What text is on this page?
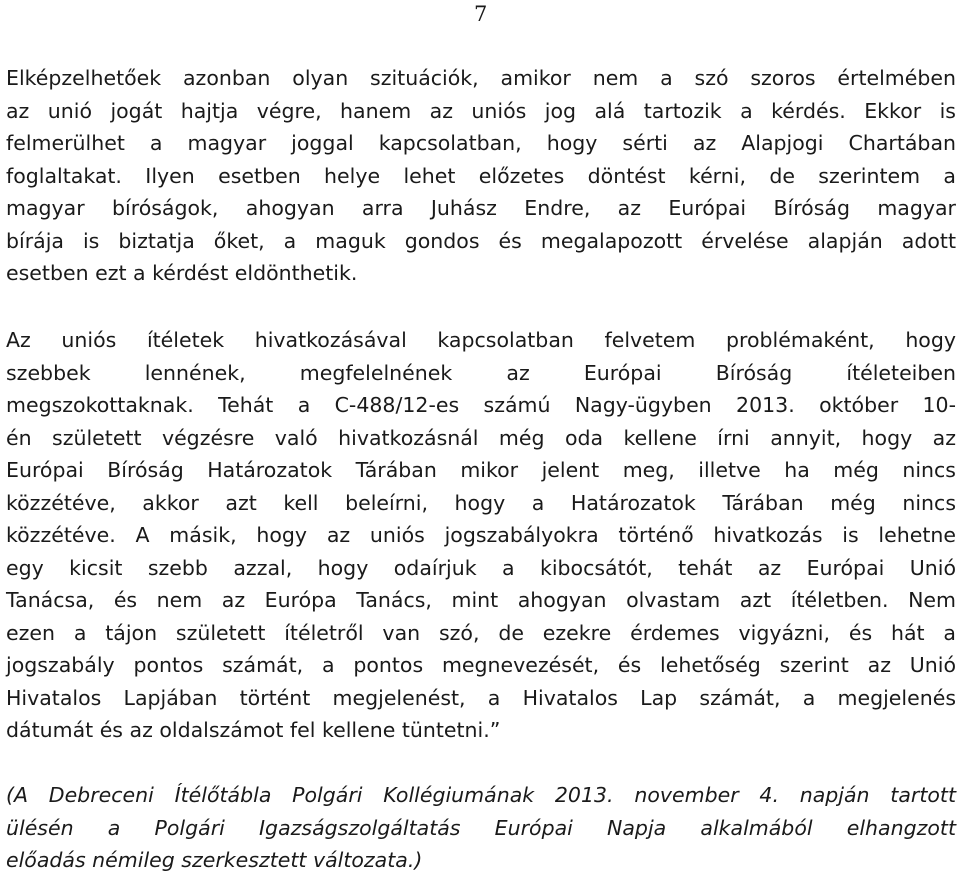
7
Elképzelhetőek azonban olyan szituációk, amikor nem a szó szoros értelmében
az unió jogát hajtja végre, hanem az uniós jog alá tartozik a kérdés. Ekkor is
felmerülhet a magyar joggal kapcsolatban, hogy sérti az Alapjogi Chartában
foglaltakat. Ilyen esetben helye lehet előzetes döntést kérni, de szerintem a
magyar bíróságok, ahogyan arra Juhász Endre, az Európai Bíróság magyar
bírája is biztatja őket, a maguk gondos és megalapozott érvelése alapján adott
esetben ezt a kérdést eldönthetik.
Az uniós ítéletek hivatkozásával kapcsolatban felvetem problémaként, hogy
szebbek lennének, megfelelnének az Európai Bíróság ítéleteiben
megszokottaknak. Tehát a C-488/12-es számú Nagy-ügyben 2013. október 10-
én született végzésre való hivatkozásnál még oda kellene írni annyit, hogy az
Európai Bíróság Határozatok Tárában mikor jelent meg, illetve ha még nincs
közzétéve, akkor azt kell beleírni, hogy a Határozatok Tárában még nincs
közzétéve. A másik, hogy az uniós jogszabályokra történő hivatkozás is lehetne
egy kicsit szebb azzal, hogy odaírjuk a kibocsátót, tehát az Európai Unió
Tanácsa, és nem az Európa Tanács, mint ahogyan olvastam azt ítéletben. Nem
ezen a tájon született ítéletről van szó, de ezekre érdemes vigyázni, és hát a
jogszabály pontos számát, a pontos megnevezését, és lehetőség szerint az Unió
Hivatalos Lapjában történt megjelenést, a Hivatalos Lap számát, a megjelenés
dátumát és az oldalszámot fel kellene tüntetni.”
(A Debreceni Ítélőtábla Polgári Kollégiumának 2013. november 4. napján tartott
ülésén a Polgári Igazságszolgáltatás Európai Napja alkalmából elhangzott
előadás némileg szerkesztett változata.)
